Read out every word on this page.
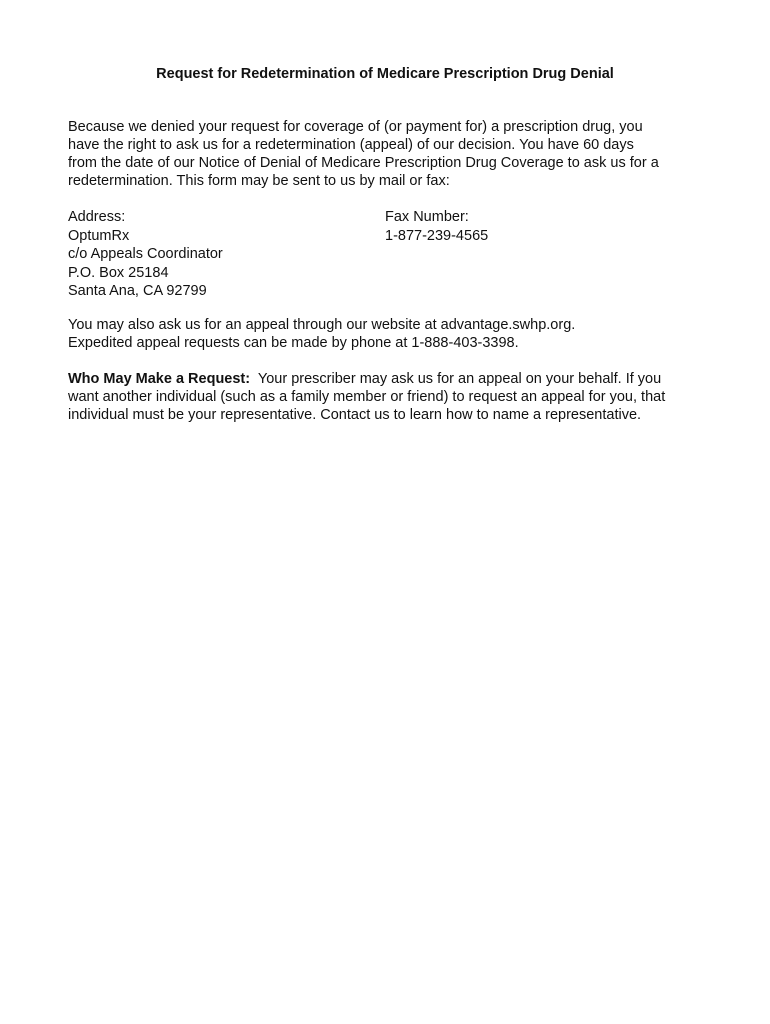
Request for Redetermination of Medicare Prescription Drug Denial

Because we denied your request for coverage of (or payment for) a prescription drug, you
have the right to ask us for a redetermination (appeal) of our decision. You have 60 days
from the date of our Notice of Denial of Medicare Prescription Drug Coverage to ask us for a
redetermination. This form may be sent to us by mail or fax:

Address:
OptumRx
c/o Appeals Coordinator
P.O. Box 25184
Santa Ana, CA 92799
Fax Number:
1-877-239-4565

You may also ask us for an appeal through our website at advantage.swhp.org.
Expedited appeal requests can be made by phone at 1-888-403-3398.

Who May Make a Request:  Your prescriber may ask us for an appeal on your behalf. If you
want another individual (such as a family member or friend) to request an appeal for you, that
individual must be your representative. Contact us to learn how to name a representative.
